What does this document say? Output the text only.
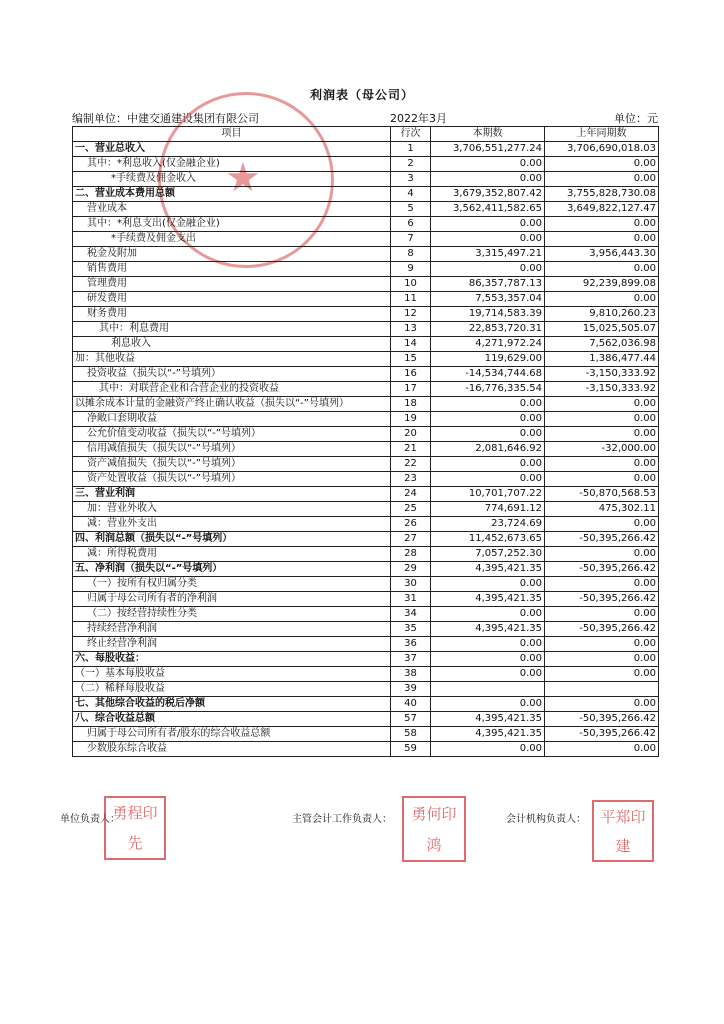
利润表（母公司）
编制单位：中建交通建设集团有限公司	2022年3月	单位：元
★
项目	行次	本期数	上年同期数
一、营业总收入	1	3,706,551,277.24	3,706,690,018.03
其中：*利息收入(仅金融企业)	2	0.00	0.00
*手续费及佣金收入	3	0.00	0.00
二、营业成本费用总额	4	3,679,352,807.42	3,755,828,730.08
营业成本	5	3,562,411,582.65	3,649,822,127.47
其中：*利息支出(仅金融企业)	6	0.00	0.00
*手续费及佣金支出	7	0.00	0.00
税金及附加	8	3,315,497.21	3,956,443.30
销售费用	9	0.00	0.00
管理费用	10	86,357,787.13	92,239,899.08
研发费用	11	7,553,357.04	0.00
财务费用	12	19,714,583.39	9,810,260.23
其中：利息费用	13	22,853,720.31	15,025,505.07
利息收入	14	4,271,972.24	7,562,036.98
加：其他收益	15	119,629.00	1,386,477.44
投资收益（损失以“-”号填列）	16	-14,534,744.68	-3,150,333.92
其中：对联营企业和合营企业的投资收益	17	-16,776,335.54	-3,150,333.92
以摊余成本计量的金融资产终止确认收益（损失以“-”号填列）	18	0.00	0.00
净敞口套期收益	19	0.00	0.00
公允价值变动收益（损失以“-”号填列）	20	0.00	0.00
信用减值损失（损失以“-”号填列）	21	2,081,646.92	-32,000.00
资产减值损失（损失以“-”号填列）	22	0.00	0.00
资产处置收益（损失以“-”号填列）	23	0.00	0.00
三、营业利润	24	10,701,707.22	-50,870,568.53
加：营业外收入	25	774,691.12	475,302.11
减：营业外支出	26	23,724.69	0.00
四、利润总额（损失以“-”号填列）	27	11,452,673.65	-50,395,266.42
减：所得税费用	28	7,057,252.30	0.00
五、净利润（损失以“-”号填列）	29	4,395,421.35	-50,395,266.42
（一）按所有权归属分类	30	0.00	0.00
归属于母公司所有者的净利润	31	4,395,421.35	-50,395,266.42
（二）按经营持续性分类	34	0.00	0.00
持续经营净利润	35	4,395,421.35	-50,395,266.42
终止经营净利润	36	0.00	0.00
六、每股收益：	37	0.00	0.00
（一）基本每股收益	38	0.00	0.00
（二）稀释每股收益	39		
七、其他综合收益的税后净额	40	0.00	0.00
八、综合收益总额	57	4,395,421.35	-50,395,266.42
归属于母公司所有者/股东的综合收益总额	58	4,395,421.35	-50,395,266.42
少数股东综合收益	59	0.00	0.00
单位负责人：	主管会计工作负责人：	会计机构负责人：
勇 程 印
先
勇 何 印
鸿
平 郑 印
建
